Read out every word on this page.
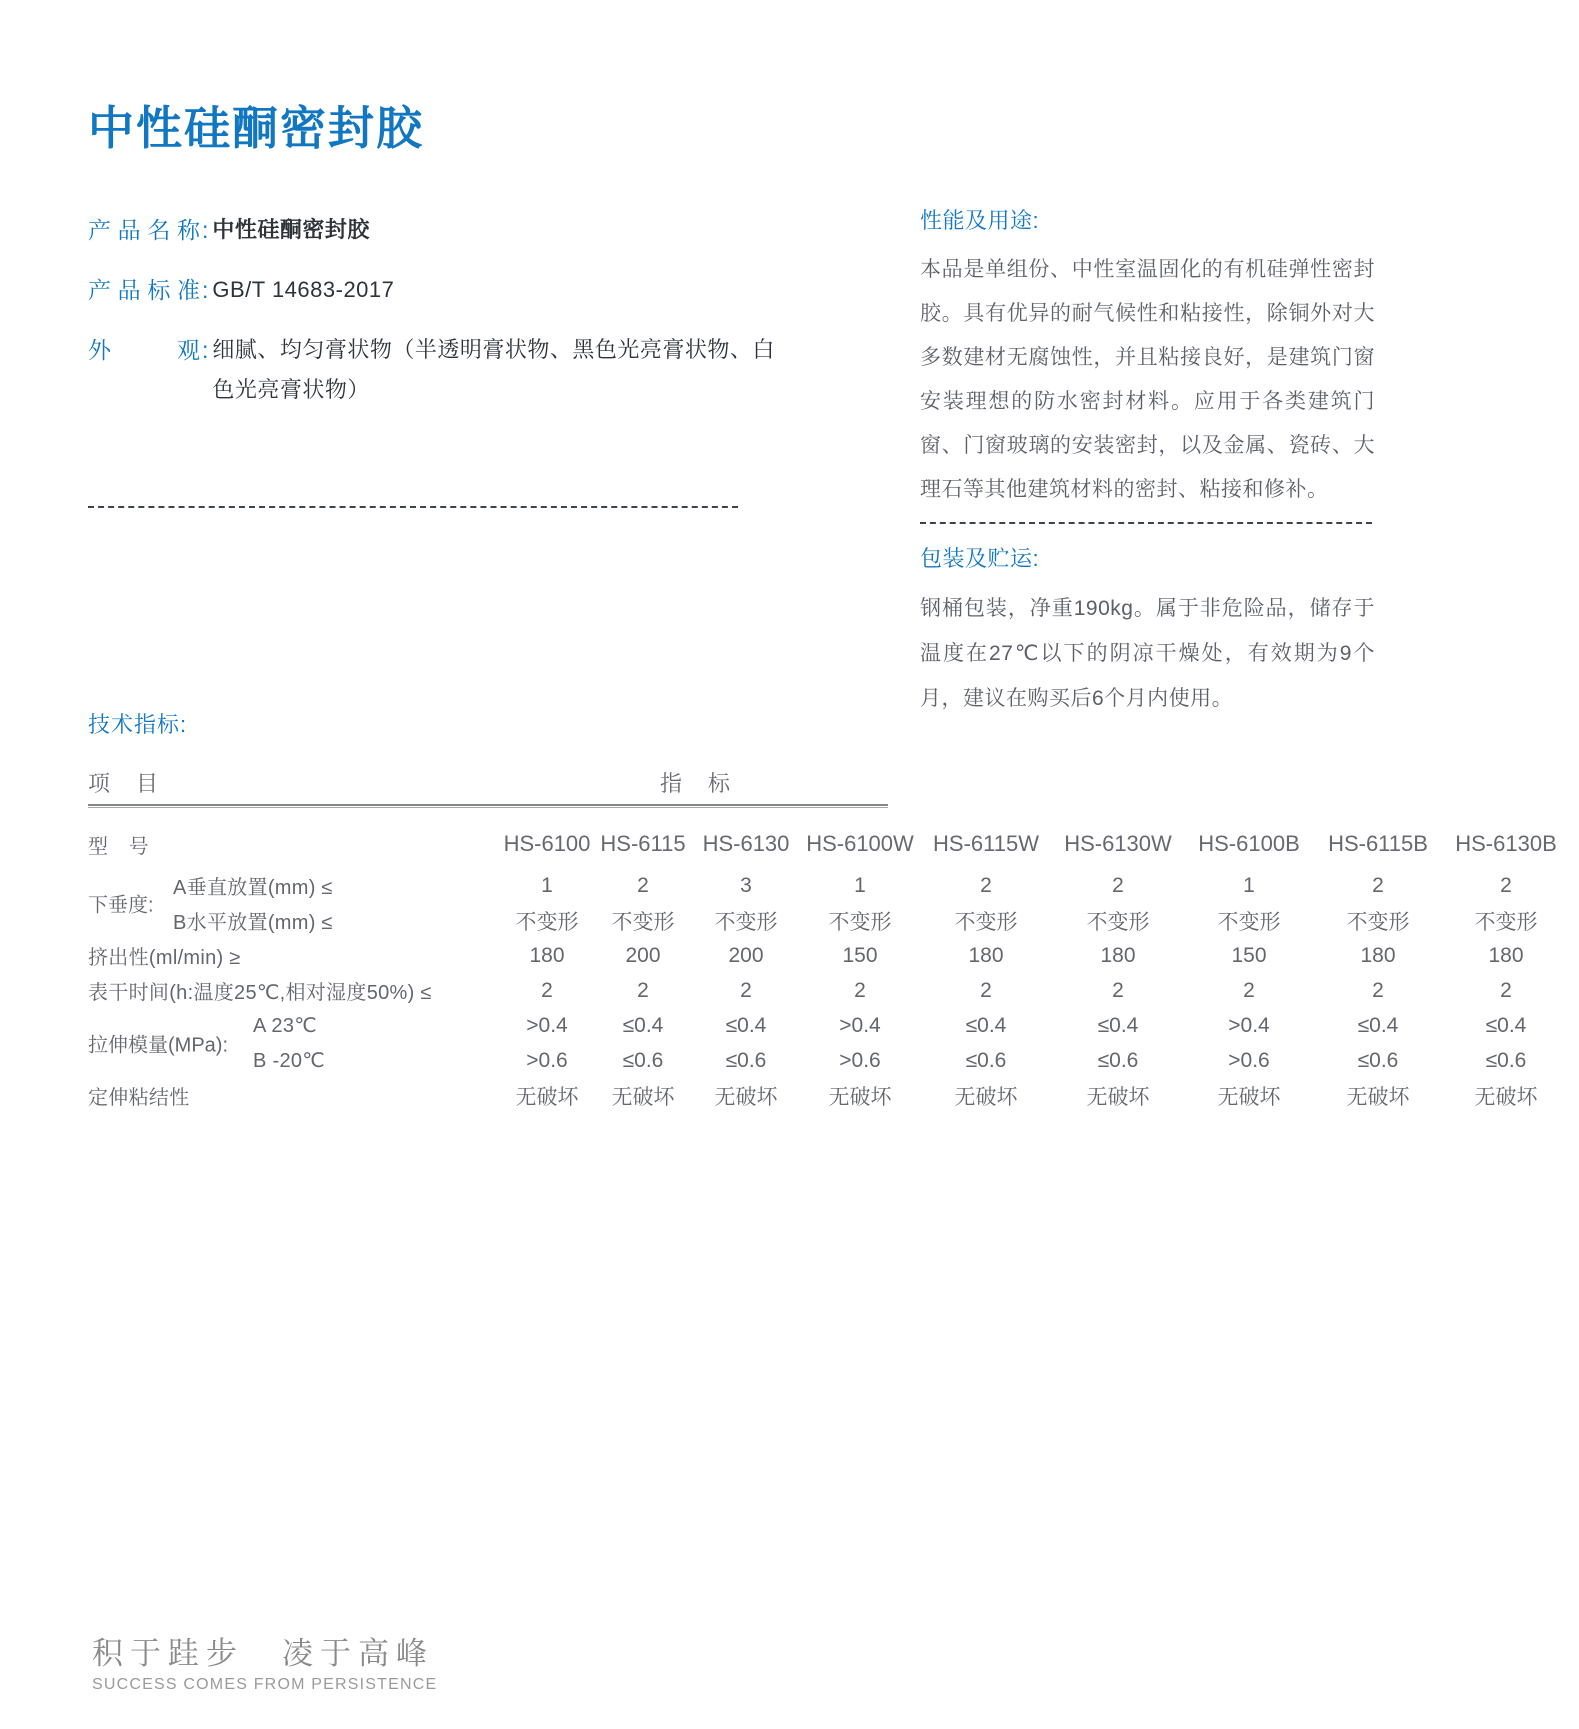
中性硅酮密封胶
产品名称 : 中性硅酮密封胶
产品标准 : GB/T 14683-2017
外观 : 细腻、均匀膏状物（半透明膏状物、黑色光亮膏状物、白色光亮膏状物）
性能及用途:
本品是单组份、中性室温固化的有机硅弹性密封胶。具有优异的耐气候性和粘接性，除铜外对大多数建材无腐蚀性，并且粘接良好，是建筑门窗安装理想的防水密封材料。应用于各类建筑门窗、门窗玻璃的安装密封，以及金属、瓷砖、大理石等其他建筑材料的密封、粘接和修补。
包装及贮运:
钢桶包装，净重190kg。属于非危险品，储存于温度在27℃以下的阴凉干燥处，有效期为9个月，建议在购买后6个月内使用。
技术指标:
项　目	指　标
型　号	HS-6100 HS-6115 HS-6130 HS-6100W HS-6115W	HS-6130W	HS-6100B	HS-6115B	HS-6130B
下垂度:
A垂直放置(mm) ≤	1	2	3	1	2	2	1	2	2
B水平放置(mm) ≤	不变形	不变形	不变形	不变形	不变形	不变形	不变形	不变形	不变形
挤出性(ml/min) ≥	180	200	200	150	180	180	150	180	180
表干时间(h:温度25℃,相对湿度50%) ≤	2	2	2	2	2	2	2	2	2
拉伸模量(MPa):
A 23℃	>0.4	≤0.4	≤0.4	>0.4	≤0.4	≤0.4	>0.4	≤0.4	≤0.4
B -20℃	>0.6	≤0.6	≤0.6	>0.6	≤0.6	≤0.6	>0.6	≤0.6	≤0.6
定伸粘结性	无破坏	无破坏	无破坏	无破坏	无破坏	无破坏	无破坏	无破坏	无破坏
积于跬步　凌于高峰
SUCCESS COMES FROM PERSISTENCE
